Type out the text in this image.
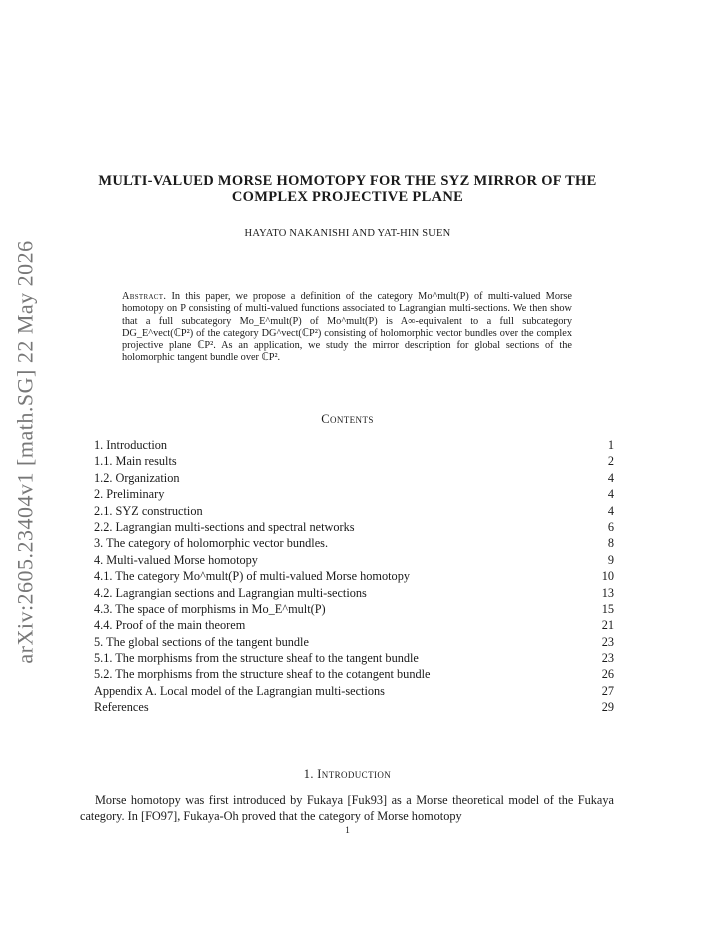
arXiv:2605.23404v1 [math.SG] 22 May 2026
MULTI-VALUED MORSE HOMOTOPY FOR THE SYZ MIRROR OF THE COMPLEX PROJECTIVE PLANE
HAYATO NAKANISHI AND YAT-HIN SUEN
Abstract. In this paper, we propose a definition of the category Mo^mult(P) of multi-valued Morse homotopy on P consisting of multi-valued functions associated to Lagrangian multi-sections. We then show that a full subcategory Mo_E^mult(P) of Mo^mult(P) is A∞-equivalent to a full subcategory DG_E^vect(ℂP²) of the category DG^vect(ℂP²) consisting of holomorphic vector bundles over the complex projective plane ℂP². As an application, we study the mirror description for global sections of the holomorphic tangent bundle over ℂP².
Contents
1. Introduction	1
1.1. Main results	2
1.2. Organization	4
2. Preliminary	4
2.1. SYZ construction	4
2.2. Lagrangian multi-sections and spectral networks	6
3. The category of holomorphic vector bundles.	8
4. Multi-valued Morse homotopy	9
4.1. The category Mo^mult(P) of multi-valued Morse homotopy	10
4.2. Lagrangian sections and Lagrangian multi-sections	13
4.3. The space of morphisms in Mo_E^mult(P)	15
4.4. Proof of the main theorem	21
5. The global sections of the tangent bundle	23
5.1. The morphisms from the structure sheaf to the tangent bundle	23
5.2. The morphisms from the structure sheaf to the cotangent bundle	26
Appendix A. Local model of the Lagrangian multi-sections	27
References	29
1. Introduction
Morse homotopy was first introduced by Fukaya [Fuk93] as a Morse theoretical model of the Fukaya category. In [FO97], Fukaya-Oh proved that the category of Morse homotopy
1
